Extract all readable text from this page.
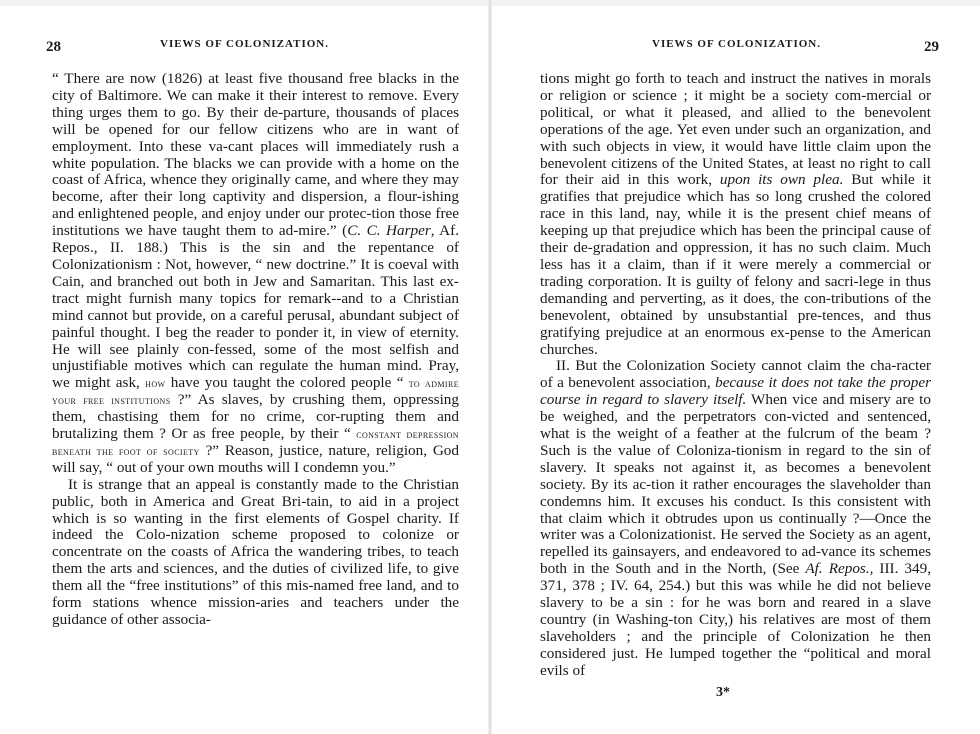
28	VIEWS OF COLONIZATION.

“ There are now (1826) at least five thousand free blacks in the city of Baltimore. We can make it their interest to remove. Every thing urges them to go. By their de-parture, thousands of places will be opened for our fellow citizens who are in want of employment. Into these va-cant places will immediately rush a white population. The blacks we can provide with a home on the coast of Africa, whence they originally came, and where they may become, after their long captivity and dispersion, a flour-ishing and enlightened people, and enjoy under our protec-tion those free institutions we have taught them to ad-mire.” (C. C. Harper, Af. Repos., II. 188.) This is the sin and the repentance of Colonizationism : Not, however, “ new doctrine.” It is coeval with Cain, and branched out both in Jew and Samaritan. This last ex-tract might furnish many topics for remark--and to a Christian mind cannot but provide, on a careful perusal, abundant subject of painful thought. I beg the reader to ponder it, in view of eternity. He will see plainly con-fessed, some of the most selfish and unjustifiable motives which can regulate the human mind. Pray, we might ask, how have you taught the colored people “ to admire your free institutions ?” As slaves, by crushing them, oppressing them, chastising them for no crime, cor-rupting them and brutalizing them ? Or as free people, by their “ constant depression beneath the foot of society ?” Reason, justice, nature, religion, God will say, “ out of your own mouths will I condemn you.”

It is strange that an appeal is constantly made to the Christian public, both in America and Great Bri-tain, to aid in a project which is so wanting in the first elements of Gospel charity. If indeed the Colo-nization scheme proposed to colonize or concentrate on the coasts of Africa the wandering tribes, to teach them the arts and sciences, and the duties of civilized life, to give them all the “free institutions” of this mis-named free land, and to form stations whence mission-aries and teachers under the guidance of other associa-

VIEWS OF COLONIZATION.	29

tions might go forth to teach and instruct the natives in morals or religion or science ; it might be a society com-mercial or political, or what it pleased, and allied to the benevolent operations of the age. Yet even under such an organization, and with such objects in view, it would have little claim upon the benevolent citizens of the United States, at least no right to call for their aid in this work, upon its own plea. But while it gratifies that prejudice which has so long crushed the colored race in this land, nay, while it is the present chief means of keeping up that prejudice which has been the principal cause of their de-gradation and oppression, it has no such claim. Much less has it a claim, than if it were merely a commercial or trading corporation. It is guilty of felony and sacri-lege in thus demanding and perverting, as it does, the con-tributions of the benevolent, obtained by unsubstantial pre-tences, and thus gratifying prejudice at an enormous ex-pense to the American churches.

II. But the Colonization Society cannot claim the cha-racter of a benevolent association, because it does not take the proper course in regard to slavery itself. When vice and misery are to be weighed, and the perpetrators con-victed and sentenced, what is the weight of a feather at the fulcrum of the beam ? Such is the value of Coloniza-tionism in regard to the sin of slavery. It speaks not against it, as becomes a benevolent society. By its ac-tion it rather encourages the slaveholder than condemns him. It excuses his conduct. Is this consistent with that claim which it obtrudes upon us continually ?—Once the writer was a Colonizationist. He served the Society as an agent, repelled its gainsayers, and endeavored to ad-vance its schemes both in the South and in the North, (See Af. Repos., III. 349, 371, 378 ; IV. 64, 254.) but this was while he did not believe slavery to be a sin : for he was born and reared in a slave country (in Washing-ton City,) his relatives are most of them slaveholders ; and the principle of Colonization he then considered just. He lumped together the “political and moral evils of

3*
